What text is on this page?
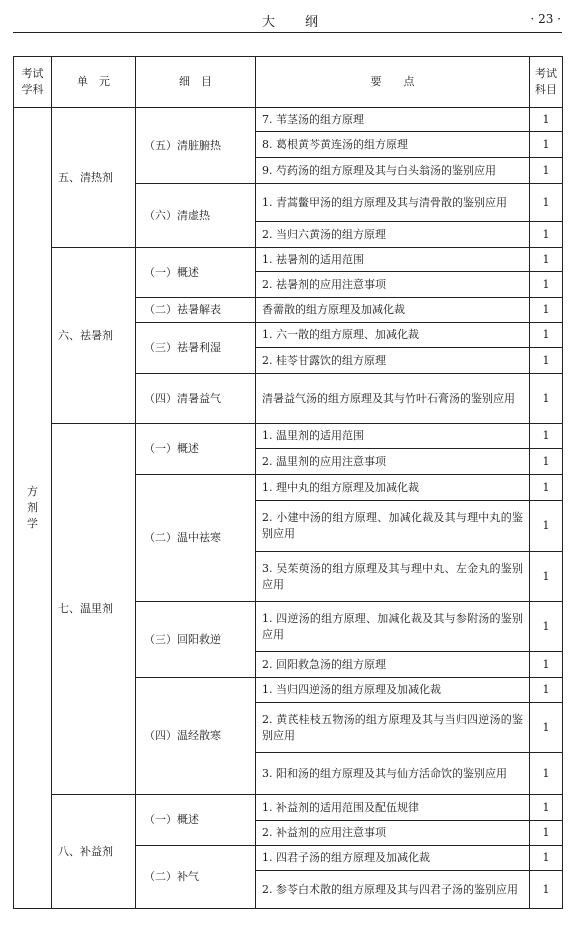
大纲	· 23 ·
考试学科	单　元	细　目	要　　点	考试科目
方剂学	五、清热剂	（五）清脏腑热	7. 苇茎汤的组方原理	1
			8. 葛根黄芩黄连汤的组方原理	1
			9. 芍药汤的组方原理及其与白头翁汤的鉴别应用	1
		（六）清虚热	1. 青蒿鳖甲汤的组方原理及其与清骨散的鉴别应用	1
			2. 当归六黄汤的组方原理	1
	六、祛暑剂	（一）概述	1. 祛暑剂的适用范围	1
			2. 祛暑剂的应用注意事项	1
		（二）祛暑解表	香薷散的组方原理及加减化裁	1
		（三）祛暑利湿	1. 六一散的组方原理、加减化裁	1
			2. 桂苓甘露饮的组方原理	1
		（四）清暑益气	清暑益气汤的组方原理及其与竹叶石膏汤的鉴别应用	1
	七、温里剂	（一）概述	1. 温里剂的适用范围	1
			2. 温里剂的应用注意事项	1
		（二）温中祛寒	1. 理中丸的组方原理及加减化裁	1
			2. 小建中汤的组方原理、加减化裁及其与理中丸的鉴别应用	1
			3. 吴茱萸汤的组方原理及其与理中丸、左金丸的鉴别应用	1
		（三）回阳救逆	1. 四逆汤的组方原理、加减化裁及其与参附汤的鉴别应用	1
			2. 回阳救急汤的组方原理	1
		（四）温经散寒	1. 当归四逆汤的组方原理及加减化裁	1
			2. 黄芪桂枝五物汤的组方原理及其与当归四逆汤的鉴别应用	1
			3. 阳和汤的组方原理及其与仙方活命饮的鉴别应用	1
	八、补益剂	（一）概述	1. 补益剂的适用范围及配伍规律	1
			2. 补益剂的应用注意事项	1
		（二）补气	1. 四君子汤的组方原理及加减化裁	1
			2. 参苓白术散的组方原理及其与四君子汤的鉴别应用	1
